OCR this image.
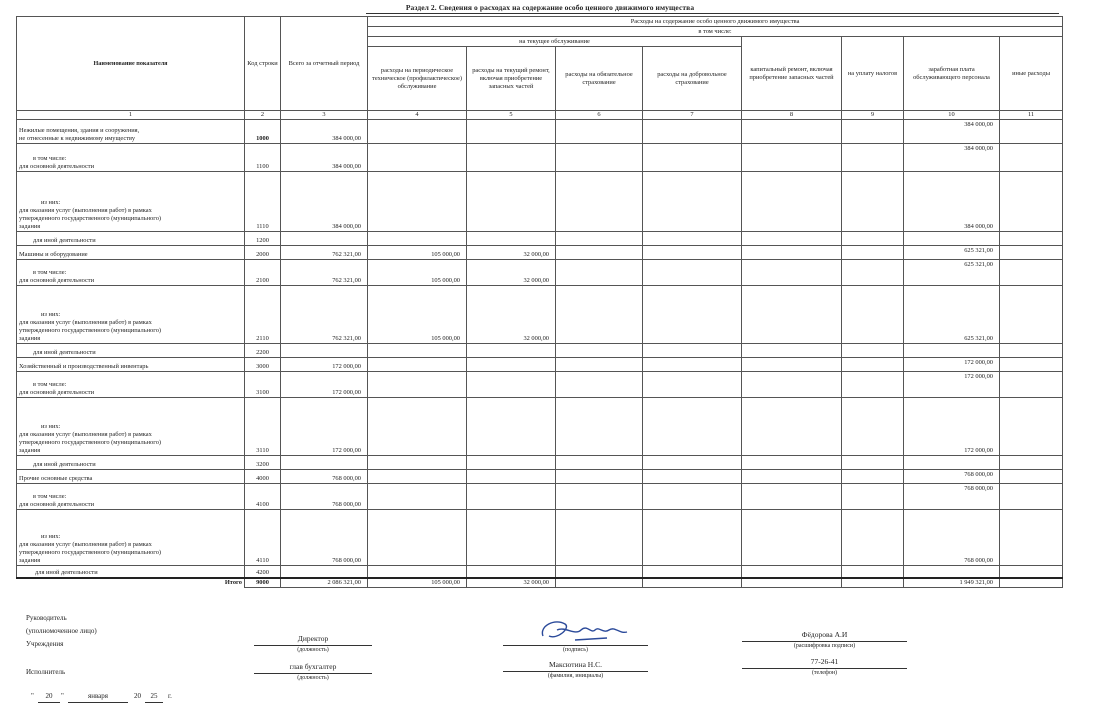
Раздел 2. Сведения о расходах на содержание особо ценного движимого имущества
Наименование показателя	Код строки	Всего за отчетный период	Расходы на содержание особо ценного движимого имущества							
			в том числе:							
			на текущее обслуживание				капитальный ремонт, включая приобретение запасных частей	на уплату налогов	заработная плата обслуживающего персонала	иные расходы
			расходы на периодическое техническое (профилактическое) обслуживание	расходы на текущий ремонт, включая приобретение запасных частей	расходы на обязательное страхование	расходы на добровольное страхование				
1	2	3	4	5	6	7	8	9	10	11
Нежилые помещения, здания и сооружения,
не отнесенные к недвижимому имуществу	1000	384 000,00							384 000,00	
в том числе:
для основной деятельности	1100	384 000,00							384 000,00	
из них:
для оказания услуг (выполнения работ) в рамках
утвержденного государственного (муниципального)
задания	1110	384 000,00							384 000,00	
для иной деятельности	1200									
Машины и оборудование	2000	762 321,00	105 000,00	32 000,00					625 321,00	
в том числе:
для основной деятельности	2100	762 321,00	105 000,00	32 000,00					625 321,00	
из них:
для оказания услуг (выполнения работ) в рамках
утвержденного государственного (муниципального)
задания	2110	762 321,00	105 000,00	32 000,00					625 321,00	
для иной деятельности	2200									
Хозяйственный и производственный инвентарь	3000	172 000,00							172 000,00	
в том числе:
для основной деятельности	3100	172 000,00							172 000,00	
из них:
для оказания услуг (выполнения работ) в рамках
утвержденного государственного (муниципального)
задания	3110	172 000,00							172 000,00	
для иной деятельности	3200									
Прочие основные средства	4000	768 000,00							768 000,00	
в том числе:
для основной деятельности	4100	768 000,00							768 000,00	
из них:
для оказания услуг (выполнения работ) в рамках
утвержденного государственного (муниципального)
задания	4110	768 000,00							768 000,00	
для иной деятельности	4200									
Итого	9000	2 086 321,00	105 000,00	32 000,00					1 949 321,00	
Руководитель
(уполномоченное лицо)
Учреждения
Директор
(должность)	(подпись)
Фёдорова А.И
(расшифровка подписи)
Исполнитель
глав бухгалтер
(должность)
Максютина Н.С.
(фамилия, инициалы)
77-26-41
(телефон)
"	20	"	января	20	25	г.
